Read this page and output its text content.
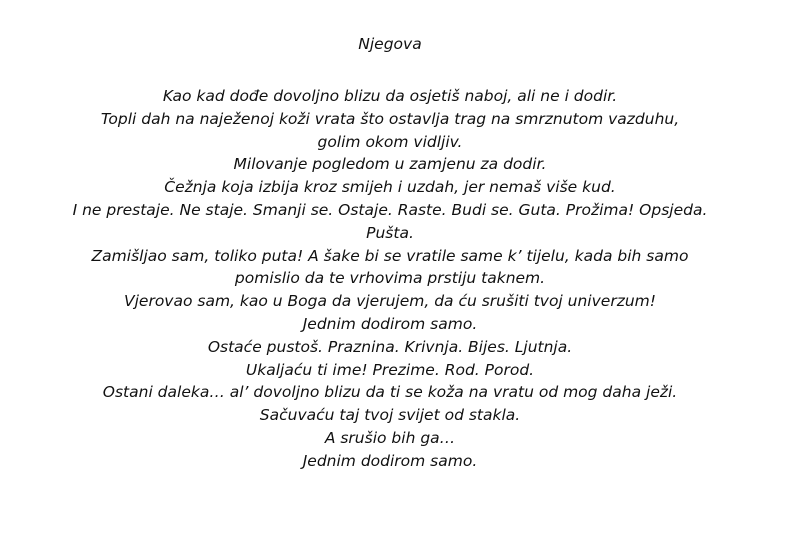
Njegova
Kao kad dođe dovoljno blizu da osjetiš naboj, ali ne i dodir.
Topli dah na naježenoj koži vrata što ostavlja trag na smrznutom vazduhu,
golim okom vidljiv.
Milovanje pogledom u zamjenu za dodir.
Čežnja koja izbija kroz smijeh i uzdah, jer nemaš više kud.
I ne prestaje. Ne staje. Smanji se. Ostaje. Raste. Budi se. Guta. Prožima! Opsjeda.
Pušta.
Zamišljao sam, toliko puta! A šake bi se vratile same k’ tijelu, kada bih samo
pomislio da te vrhovima prstiju taknem.
Vjerovao sam, kao u Boga da vjerujem, da ću srušiti tvoj univerzum!
Jednim dodirom samo.
Ostaće pustoš. Praznina. Krivnja. Bijes. Ljutnja.
Ukaljaću ti ime! Prezime. Rod. Porod.
Ostani daleka… al’ dovoljno blizu da ti se koža na vratu od mog daha ježi.
Sačuvaću taj tvoj svijet od stakla.
A srušio bih ga…
Jednim dodirom samo.
